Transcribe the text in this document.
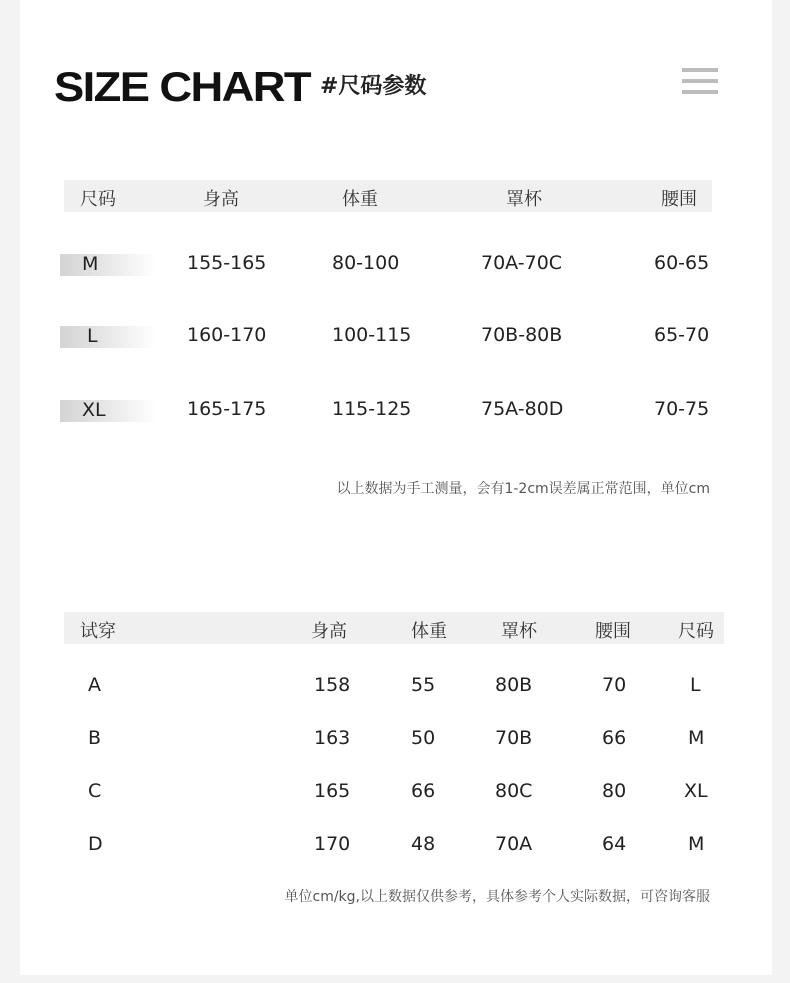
SIZE CHART #尺码参数
尺码	身高	体重	罩杯	腰围
M	155-165	80-100	70A-70C	60-65
L	160-170	100-115	70B-80B	65-70
XL	165-175	115-125	75A-80D	70-75
以上数据为手工测量，会有1-2cm误差属正常范围，单位cm
试穿	身高	体重	罩杯	腰围	尺码
A	158	55	80B	70	L
B	163	50	70B	66	M
C	165	66	80C	80	XL
D	170	48	70A	64	M
单位cm/kg,以上数据仅供参考，具体参考个人实际数据，可咨询客服
